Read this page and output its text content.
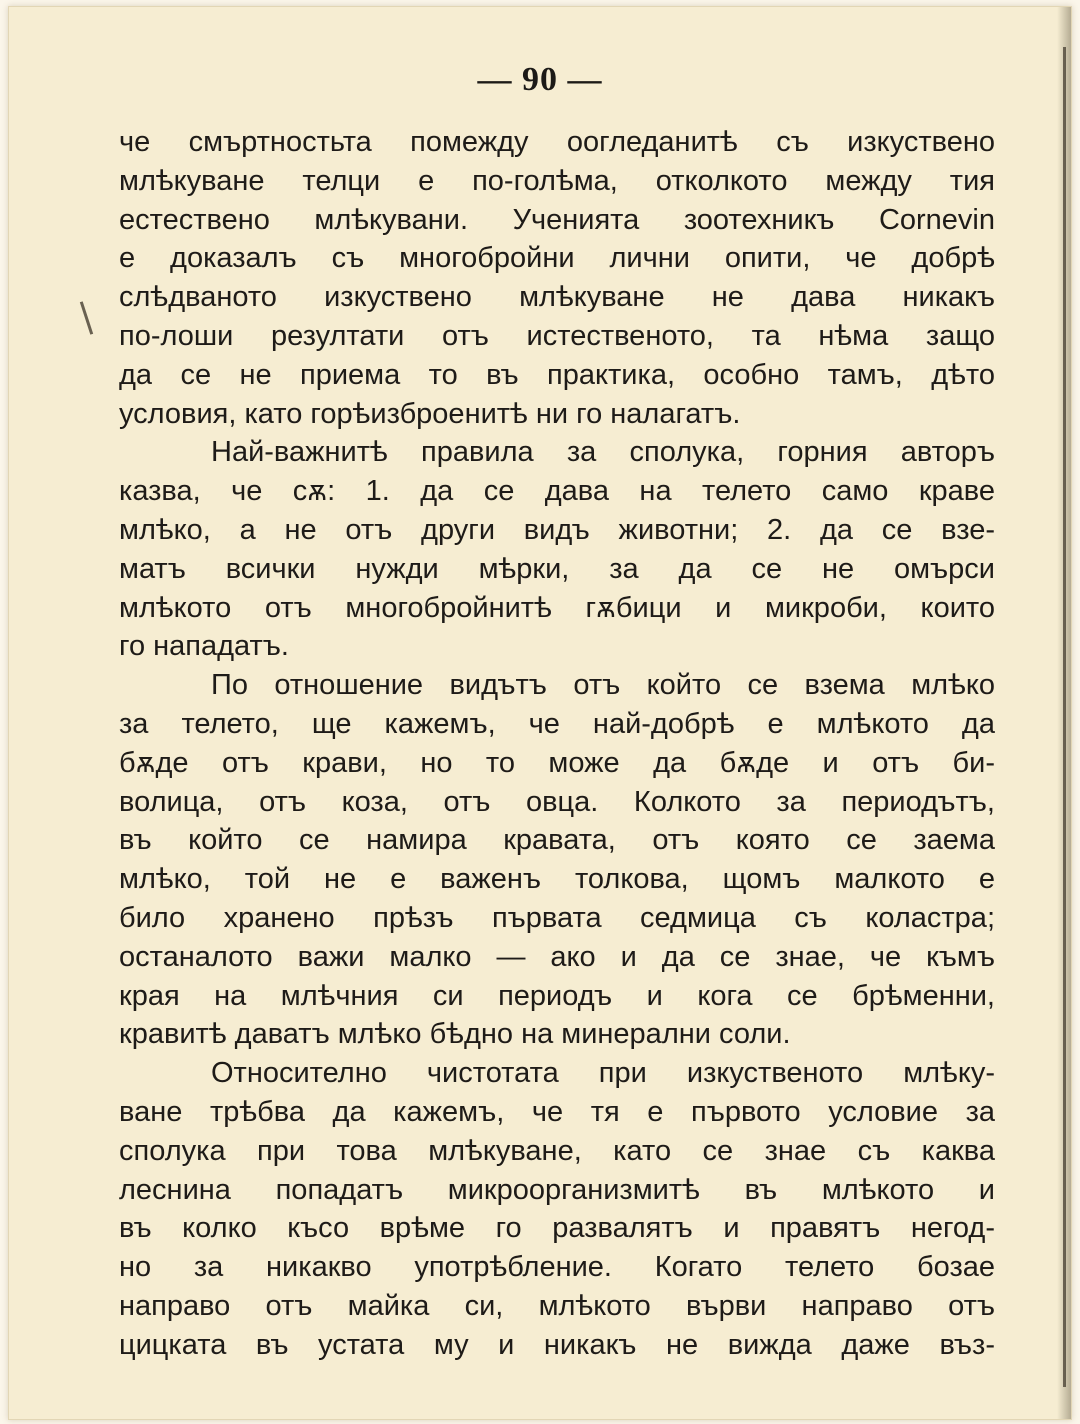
— 90 —
че смъртностьта помежду оогледанитѣ съ изкуствено
млѣкуване телци е по-голѣма, отколкото между тия
естествено млѣкувани. Ученията зоотехникъ Cornevin
е доказалъ съ многобройни лични опити, че добрѣ
слѣдваното изкуствено млѣкуване не дава никакъ
по-лоши резултати отъ истественото, та нѣма защо
да се не приема то въ практика, особно тамъ, дѣто
условия, като горѣизброенитѣ ни го налагатъ.
Най-важнитѣ правила за сполука, горния авторъ
казва, че сѫ: 1. да се дава на телето само краве
млѣко, а не отъ други видъ животни; 2. да се взе-
матъ всички нужди мѣрки, за да се не омърси
млѣкото отъ многобройнитѣ гѫбици и микроби, които
го нападатъ.
По отношение видътъ отъ който се взема млѣко
за телето, ще кажемъ, че най-добрѣ е млѣкото да
бѫде отъ крави, но то може да бѫде и отъ би-
волица, отъ коза, отъ овца. Колкото за периодътъ,
въ който се намира кравата, отъ която се заема
млѣко, той не е важенъ толкова, щомъ малкото е
било хранено прѣзъ първата седмица съ коластра;
останалото важи малко — ако и да се знае, че къмъ
края на млѣчния си периодъ и кога се брѣменни,
кравитѣ даватъ млѣко бѣдно на минерални соли.
Относително чистотата при изкуственото млѣку-
ване трѣбва да кажемъ, че тя е първото условие за
сполука при това млѣкуване, като се знае съ каква
леснина попадатъ микроорганизмитѣ въ млѣкото и
въ колко късо врѣме го развалятъ и правятъ негод-
но за никакво употрѣбление. Когато телето бозае
направо отъ майка си, млѣкото върви направо отъ
цицката въ устата му и никакъ не вижда даже въз-
